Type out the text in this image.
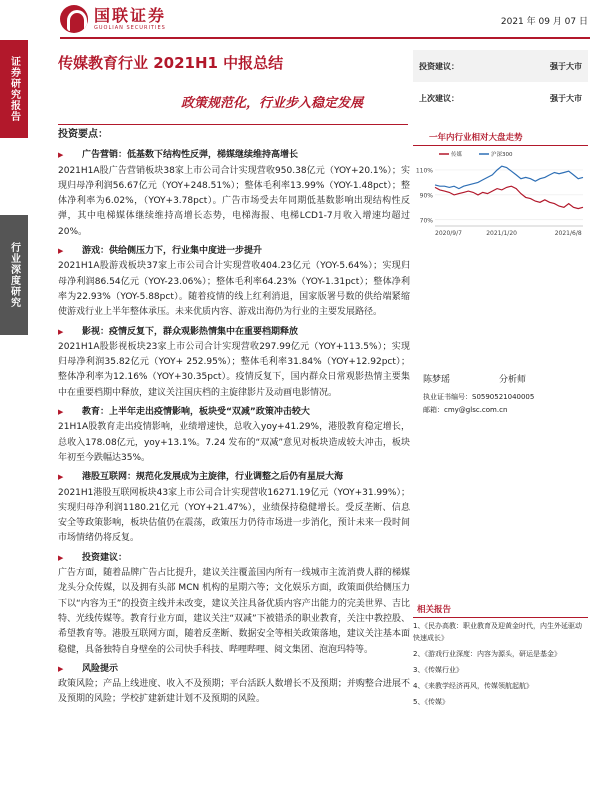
国联证券
GUOLIAN SECURITIES
2021 年 09 月 07 日
证券研究报告
行业深度研究
传媒教育行业 2021H1 中报总结
政策规范化，行业步入稳定发展
投资建议：	强于大市
上次建议：	强于大市
投资要点：
▶	广告营销：低基数下结构性反弹，梯媒继续维持高增长

2021H1A股广告营销板块38家上市公司合计实现营收950.38亿元（YOY+20.1%）；实现归母净利润56.67亿元（YOY+248.51%）；整体毛利率13.99%（YOY-1.48pct）；整体净利率为6.02%，（YOY+3.78pct）。广告市场受去年同期低基数影响出现结构性反弹，其中电梯媒体继续维持高增长态势，电梯海报、电梯LCD1-7月收入增速均超过20%。

▶	游戏：供给侧压力下，行业集中度进一步提升

2021H1A股游戏板块37家上市公司合计实现营收404.23亿元（YOY-5.64%）；实现归母净利润86.54亿元（YOY-23.06%）；整体毛利率64.23%（YOY-1.31pct）；整体净利率为22.93%（YOY-5.88pct）。随着疫情的线上红利消退，国家版署号数的供给端紧缩使游戏行业上半年整体承压。未来优质内容、游戏出海仍为行业的主要发展路径。

▶	影视：疫情反复下，群众观影热情集中在重要档期释放

2021H1A股影视板块23家上市公司合计实现营收297.99亿元（YOY+113.5%）；实现归母净利润35.82亿元（YOY+ 252.95%）；整体毛利率31.84%（YOY+12.92pct）；整体净利率为12.16%（YOY+30.35pct）。疫情反复下，国内群众日常观影热情主要集中在重要档期中释放，建议关注国庆档的主旋律影片及动画电影情况。

▶	教育：上半年走出疫情影响，板块受“双减”政策冲击较大

21H1A股教育走出疫情影响，业绩增速快，总收入yoy+41.29%，港股教育稳定增长，总收入178.08亿元，yoy+13.1%。7.24 发布的“双减”意见对板块造成较大冲击，板块年初至今跌幅达35%。

▶	港股互联网：规范化发展成为主旋律，行业调整之后仍有星辰大海

2021H1港股互联网板块43家上市公司合计实现营收16271.19亿元（YOY+31.99%）；实现归母净利润1180.21亿元（YOY+21.47%），业绩保持稳健增长。受反垄断、信息安全等政策影响，板块估值仍在震荡，政策压力仍待市场进一步消化，预计未来一段时间市场情绪仍将反复。

▶	投资建议：

广告方面，随着品牌广告占比提升，建议关注覆盖国内所有一线城市主流消费人群的梯媒龙头分众传媒，以及拥有头部 MCN 机构的星期六等；文化娱乐方面，政策面供给侧压力下以“内容为王”的投资主线并未改变，建议关注具备优质内容产出能力的完美世界、吉比特、光线传媒等。教育行业方面，建议关注“双减”下被错杀的职业教育，关注中教控股、希望教育等。港股互联网方面，随着反垄断、数据安全等相关政策落地，建议关注基本面稳健，具备独特自身壁垒的公司快手科技、哔哩哔哩、阅文集团、泡泡玛特等。

▶	风险提示

政策风险；产品上线进度、收入不及预期；平台活跃人数增长不及预期；并购整合进展不及预期的风险；学校扩建新建计划不及预期的风险。

一年内行业相对大盘走势
110%
90%
70%
2020/9/7	2021/1/20	2021/6/8
传媒	沪深300
陈梦瑶	分析师
执业证书编号：S0590521040005
邮箱：cmy@glsc.com.cn
相关报告
1、《民办高教：职业教育及迎黄金时代，内生外延驱动快速成长》
2、《游戏行业深度：内容为源头，研运是基金》
3、《传媒行业》
4、《来教学经济再风，传媒领航起航》
5、《传媒》
